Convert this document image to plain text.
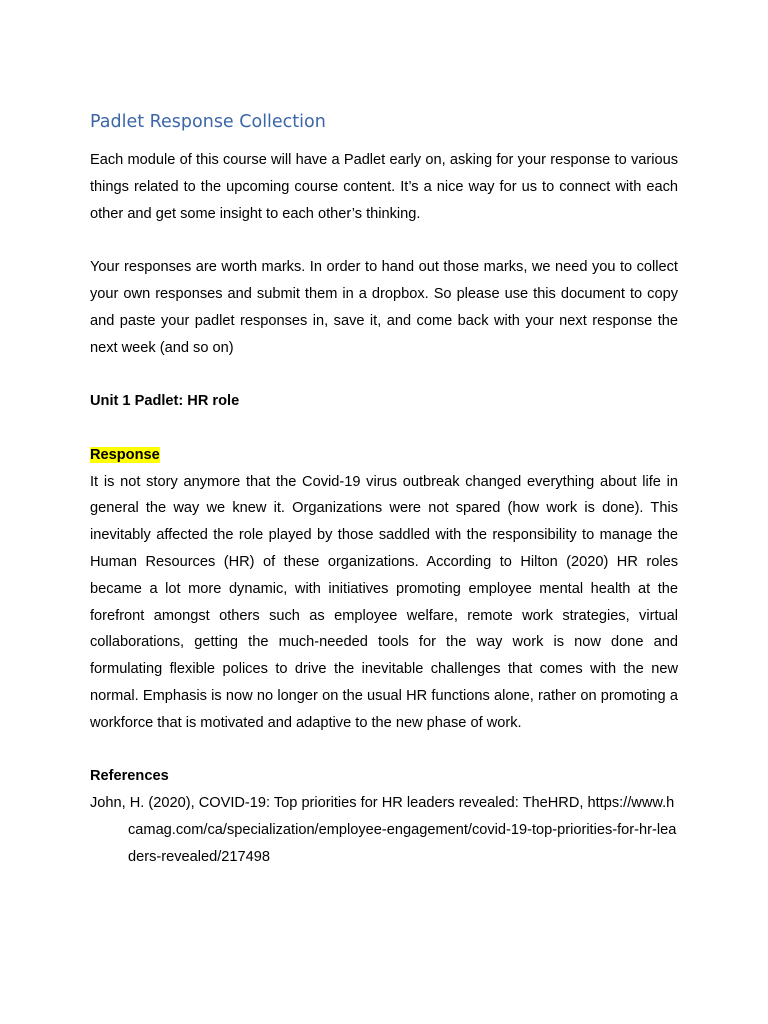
Padlet Response Collection

Each module of this course will have a Padlet early on, asking for your response to various things related to the upcoming course content. It’s a nice way for us to connect with each other and get some insight to each other’s thinking.

Your responses are worth marks. In order to hand out those marks, we need you to collect your own responses and submit them in a dropbox. So please use this document to copy and paste your padlet responses in, save it, and come back with your next response the next week (and so on)

Unit 1 Padlet: HR role

Response

It is not story anymore that the Covid-19 virus outbreak changed everything about life in general the way we knew it. Organizations were not spared (how work is done). This inevitably affected the role played by those saddled with the responsibility to manage the Human Resources (HR) of these organizations. According to Hilton (2020) HR roles became a lot more dynamic, with initiatives promoting employee mental health at the forefront amongst others such as employee welfare, remote work strategies, virtual collaborations, getting the much-needed tools for the way work is now done and formulating flexible polices to drive the inevitable challenges that comes with the new normal. Emphasis is now no longer on the usual HR functions alone, rather on promoting a workforce that is motivated and adaptive to the new phase of work.

References

John, H. (2020), COVID-19: Top priorities for HR leaders revealed: TheHRD, https://www.hcamag.com/ca/specialization/employee-engagement/covid-19-top-priorities-for-hr-leaders-revealed/217498
